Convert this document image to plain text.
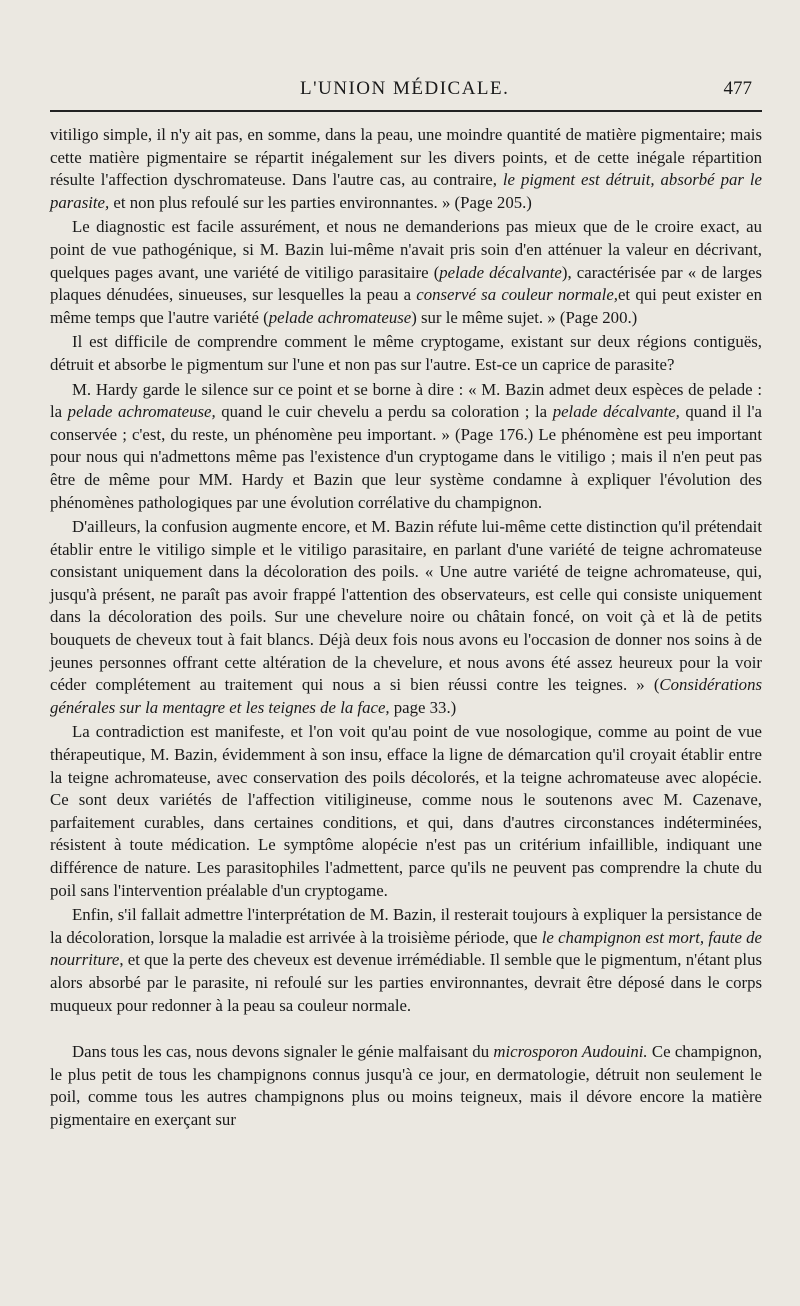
L'UNION MÉDICALE.	477

vitiligo simple, il n'y ait pas, en somme, dans la peau, une moindre quantité de matière pigmentaire; mais cette matière pigmentaire se répartit inégalement sur les divers points, et de cette inégale répartition résulte l'affection dyschromateuse. Dans l'autre cas, au contraire, le pigment est détruit, absorbé par le parasite, et non plus refoulé sur les parties environnantes. » (Page 205.)

Le diagnostic est facile assurément, et nous ne demanderions pas mieux que de le croire exact, au point de vue pathogénique, si M. Bazin lui-même n'avait pris soin d'en atténuer la valeur en décrivant, quelques pages avant, une variété de vitiligo parasitaire (pelade décalvante), caractérisée par « de larges plaques dénudées, sinueuses, sur lesquelles la peau a conservé sa couleur normale,et qui peut exister en même temps que l'autre variété (pelade achromateuse) sur le même sujet. » (Page 200.)

Il est difficile de comprendre comment le même cryptogame, existant sur deux régions contiguës, détruit et absorbe le pigmentum sur l'une et non pas sur l'autre. Est-ce un caprice de parasite?

M. Hardy garde le silence sur ce point et se borne à dire : « M. Bazin admet deux espèces de pelade : la pelade achromateuse, quand le cuir chevelu a perdu sa coloration ; la pelade décalvante, quand il l'a conservée ; c'est, du reste, un phénomène peu important. » (Page 176.) Le phénomène est peu important pour nous qui n'admettons même pas l'existence d'un cryptogame dans le vitiligo ; mais il n'en peut pas être de même pour MM. Hardy et Bazin que leur système condamne à expliquer l'évolution des phénomènes pathologiques par une évolution corrélative du champignon.

D'ailleurs, la confusion augmente encore, et M. Bazin réfute lui-même cette distinction qu'il prétendait établir entre le vitiligo simple et le vitiligo parasitaire, en parlant d'une variété de teigne achromateuse consistant uniquement dans la décoloration des poils. « Une autre variété de teigne achromateuse, qui, jusqu'à présent, ne paraît pas avoir frappé l'attention des observateurs, est celle qui consiste uniquement dans la décoloration des poils. Sur une chevelure noire ou châtain foncé, on voit çà et là de petits bouquets de cheveux tout à fait blancs. Déjà deux fois nous avons eu l'occasion de donner nos soins à de jeunes personnes offrant cette altération de la chevelure, et nous avons été assez heureux pour la voir céder complétement au traitement qui nous a si bien réussi contre les teignes. » (Considérations générales sur la mentagre et les teignes de la face, page 33.)

La contradiction est manifeste, et l'on voit qu'au point de vue nosologique, comme au point de vue thérapeutique, M. Bazin, évidemment à son insu, efface la ligne de démarcation qu'il croyait établir entre la teigne achromateuse, avec conservation des poils décolorés, et la teigne achromateuse avec alopécie. Ce sont deux variétés de l'affection vitiligineuse, comme nous le soutenons avec M. Cazenave, parfaitement curables, dans certaines conditions, et qui, dans d'autres circonstances indéterminées, résistent à toute médication. Le symptôme alopécie n'est pas un critérium infaillible, indiquant une différence de nature. Les parasitophiles l'admettent, parce qu'ils ne peuvent pas comprendre la chute du poil sans l'intervention préalable d'un cryptogame.

Enfin, s'il fallait admettre l'interprétation de M. Bazin, il resterait toujours à expliquer la persistance de la décoloration, lorsque la maladie est arrivée à la troisième période, que le champignon est mort, faute de nourriture, et que la perte des cheveux est devenue irrémédiable. Il semble que le pigmentum, n'étant plus alors absorbé par le parasite, ni refoulé sur les parties environnantes, devrait être déposé dans le corps muqueux pour redonner à la peau sa couleur normale.

Dans tous les cas, nous devons signaler le génie malfaisant du microsporon Audouini. Ce champignon, le plus petit de tous les champignons connus jusqu'à ce jour, en dermatologie, détruit non seulement le poil, comme tous les autres champignons plus ou moins teigneux, mais il dévore encore la matière pigmentaire en exerçant sur
